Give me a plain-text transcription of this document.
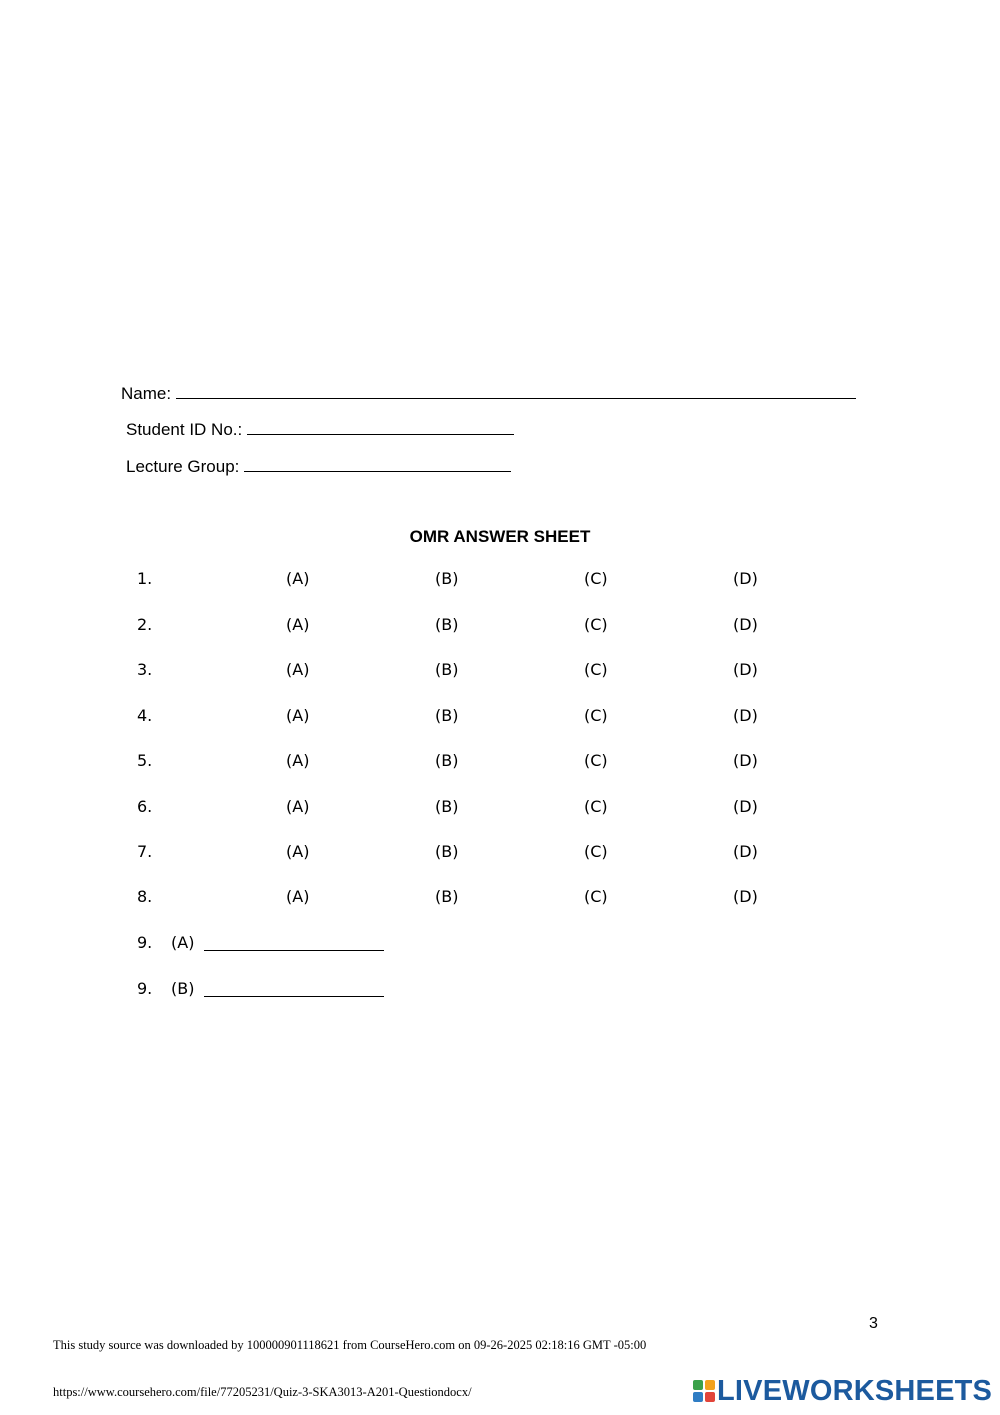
Name:
Student ID No.:
Lecture Group:
OMR ANSWER SHEET
1.	(A)	(B)	(C)	(D)
2.	(A)	(B)	(C)	(D)
3.	(A)	(B)	(C)	(D)
4.	(A)	(B)	(C)	(D)
5.	(A)	(B)	(C)	(D)
6.	(A)	(B)	(C)	(D)
7.	(A)	(B)	(C)	(D)
8.	(A)	(B)	(C)	(D)
9. (A)
9. (B)
3
This study source was downloaded by 100000901118621 from CourseHero.com on 09-26-2025 02:18:16 GMT -05:00
https://www.coursehero.com/file/77205231/Quiz-3-SKA3013-A201-Questiondocx/	LIVEWORKSHEETS
